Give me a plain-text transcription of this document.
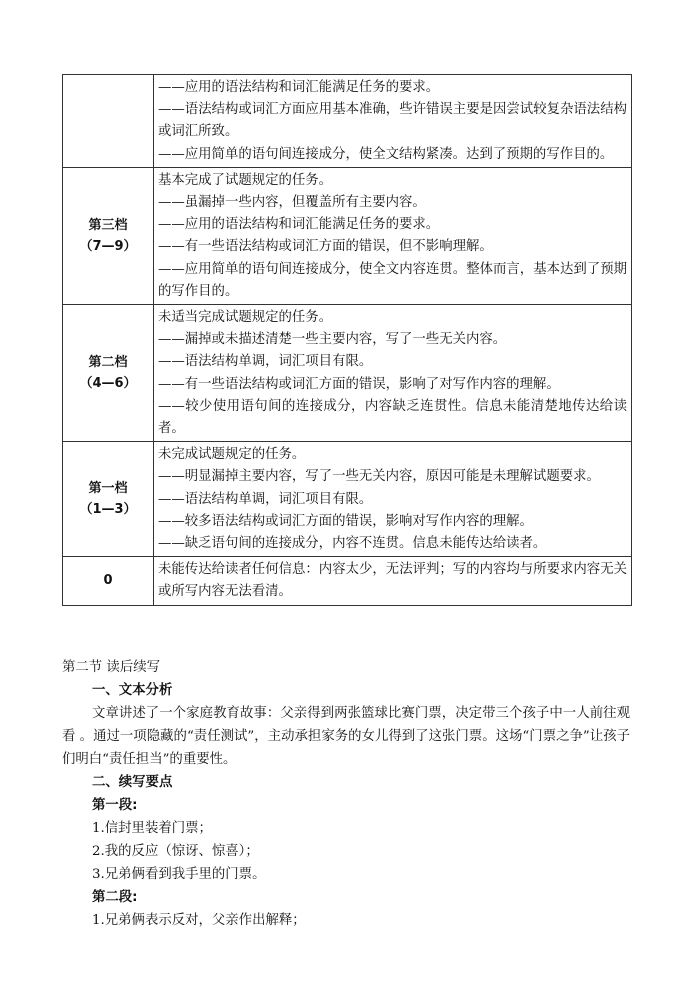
	——应用的语法结构和词汇能满足任务的要求。
——语法结构或词汇方面应用基本准确，些许错误主要是因尝试较复杂语法结构或词汇所致。
——应用简单的语句间连接成分，使全文结构紧凑。达到了预期的写作目的。

第三档
（7—9）	基本完成了试题规定的任务。
——虽漏掉一些内容，但覆盖所有主要内容。
——应用的语法结构和词汇能满足任务的要求。
——有一些语法结构或词汇方面的错误，但不影响理解。
——应用简单的语句间连接成分，使全文内容连贯。整体而言，基本达到了预期的写作目的。

第二档
（4—6）	未适当完成试题规定的任务。
——漏掉或未描述清楚一些主要内容，写了一些无关内容。
——语法结构单调，词汇项目有限。
——有一些语法结构或词汇方面的错误，影响了对写作内容的理解。
——较少使用语句间的连接成分，内容缺乏连贯性。信息未能清楚地传达给读者。

第一档
（1—3）	未完成试题规定的任务。
——明显漏掉主要内容，写了一些无关内容，原因可能是未理解试题要求。
——语法结构单调，词汇项目有限。
——较多语法结构或词汇方面的错误，影响对写作内容的理解。
——缺乏语句间的连接成分，内容不连贯。信息未能传达给读者。

0	未能传达给读者任何信息：内容太少，无法评判；写的内容均与所要求内容无关或所写内容无法看清。
第二节 读后续写
一、文本分析
文章讲述了一个家庭教育故事：父亲得到两张篮球比赛门票，决定带三个孩子中一人前往观看 。通过一项隐藏的“责任测试”，主动承担家务的女儿得到了这张门票。这场“门票之争”让孩子们明白“责任担当”的重要性。
二、续写要点
第一段:
1.信封里装着门票；
2.我的反应（惊讶、惊喜）；
3.兄弟俩看到我手里的门票。
第二段:
1.兄弟俩表示反对，父亲作出解释；
